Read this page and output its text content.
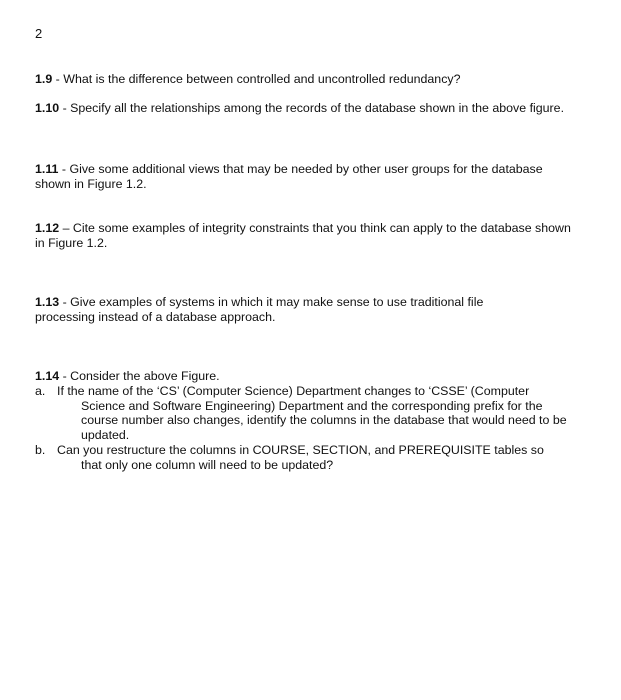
2
1.9 - What is the difference between controlled and uncontrolled redundancy?
1.10 - Specify all the relationships among the records of the database shown in the above figure.
1.11 - Give some additional views that may be needed by other user groups for the database shown in Figure 1.2.
1.12 – Cite some examples of integrity constraints that you think can apply to the database shown in Figure 1.2.
1.13 - Give examples of systems in which it may make sense to use traditional file processing instead of a database approach.
1.14 - Consider the above Figure.
a. If the name of the ‘CS’ (Computer Science) Department changes to ‘CSSE’ (Computer
Science and Software Engineering) Department and the corresponding prefix for the course number also changes, identify the columns in the database that would need to be updated.
b. Can you restructure the columns in COURSE, SECTION, and PREREQUISITE tables so
that only one column will need to be updated?
